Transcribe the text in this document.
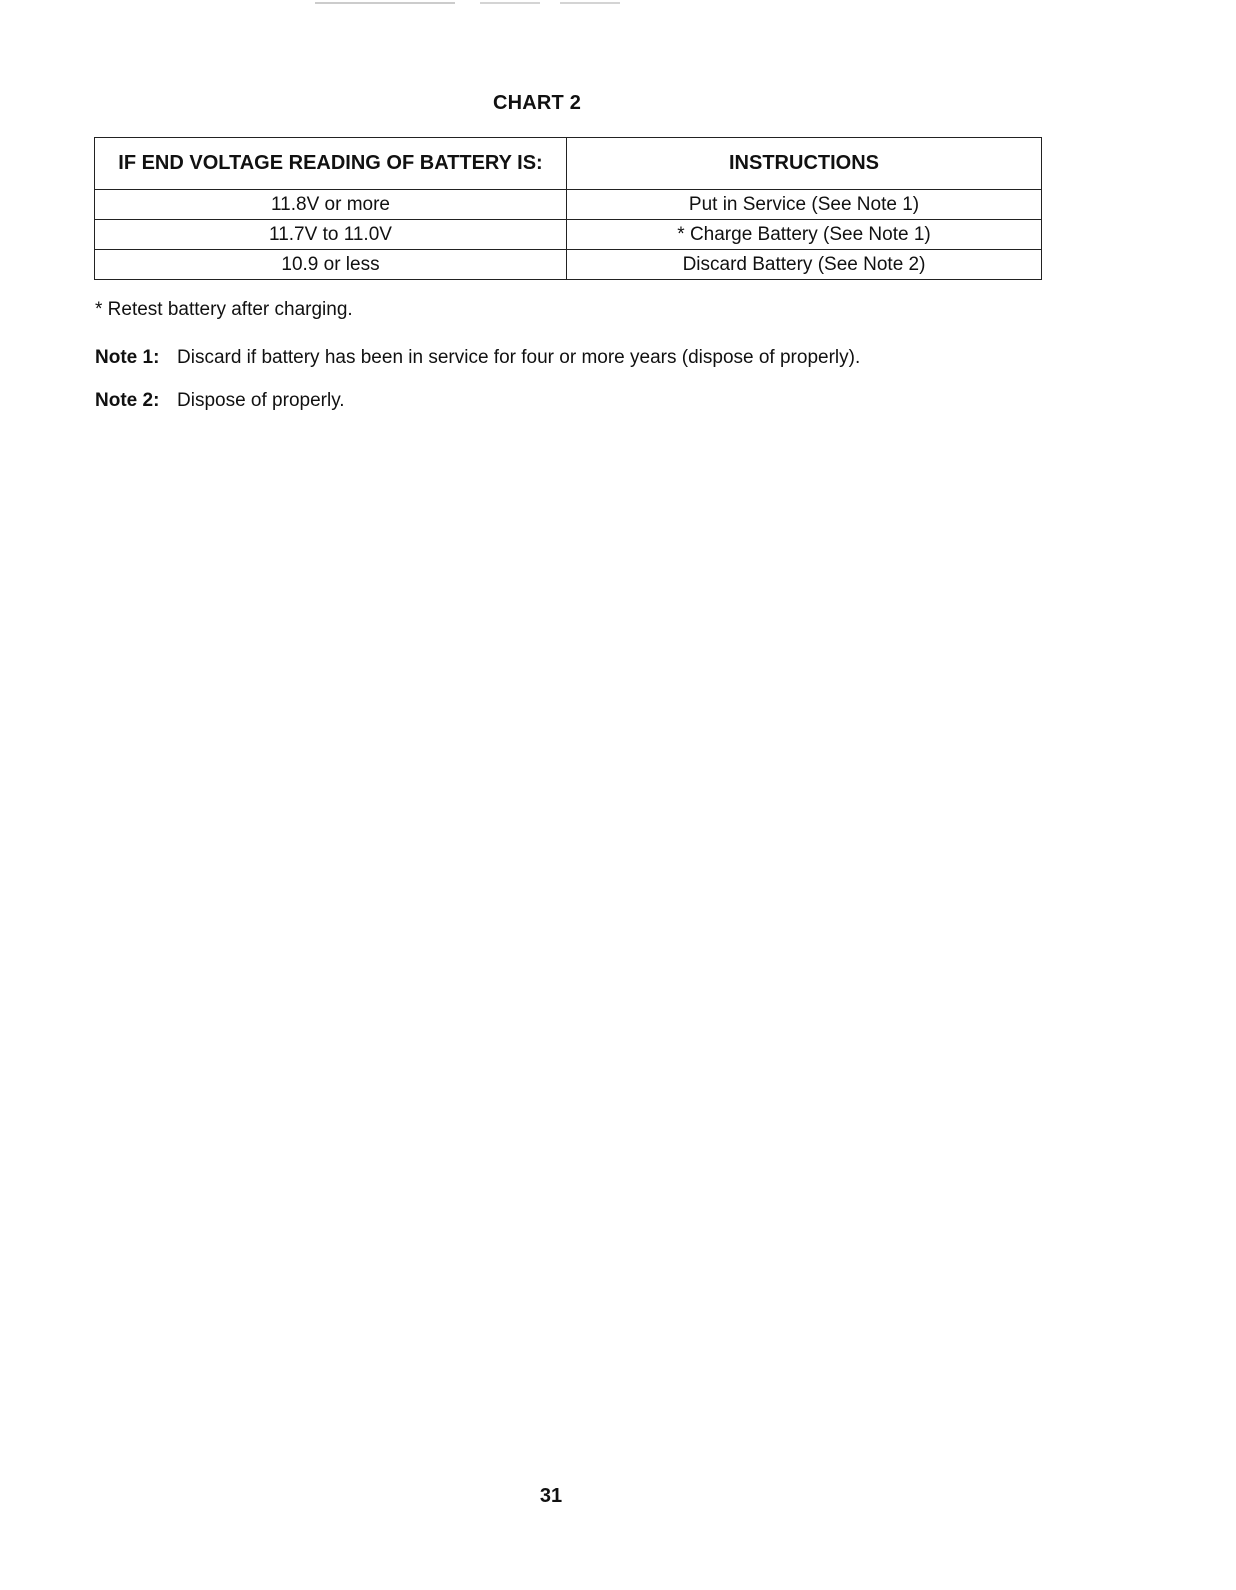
CHART 2
IF END VOLTAGE READING OF BATTERY IS:	INSTRUCTIONS
11.8V or more	Put in Service (See Note 1)
11.7V to 11.0V	* Charge Battery (See Note 1)
10.9 or less	Discard Battery (See Note 2)
* Retest battery after charging.
Note 1: Discard if battery has been in service for four or more years (dispose of properly).
Note 2: Dispose of properly.
31
